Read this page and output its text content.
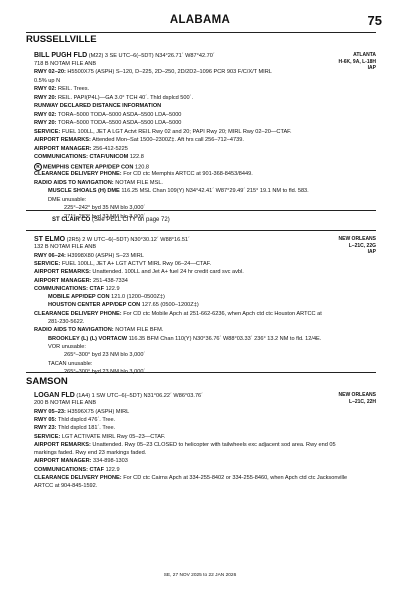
ALABAMA	75
RUSSELLVILLE
ATLANTA
H-6K, 9A, L-18H
IAP
BILL PUGH FLD (M22) 3 SE UTC–6(–5DT) N34°26.71´ W87°42.70´
718 B NOTAM FILE ANB
RWY 02–20: H5500X75 (ASPH) S–120, D–225, 2D–250, 2D/2D2–1096 PCR 903 F/C/X/T MIRL
0.5% up N
RWY 02: REIL. Trees.
RWY 20: REIL. PAPI(P4L)—GA 3.0° TCH 40´. Thld dsplcd 500´.
RUNWAY DECLARED DISTANCE INFORMATION
RWY 02: TORA–5000 TODA–5000 ASDA–5500 LDA–5000
RWY 20: TORA–5000 TODA–5500 ASDA–5500 LDA–5000
SERVICE: FUEL 100LL, JET A LGT Actvt REIL Rwy 02 and 20; PAPI Rwy 20; MIRL Rwy 02–20—CTAF.
AIRPORT REMARKS: Attended Mon–Sat 1500–2300Z‡. Aft hrs call 256–712–4739.
AIRPORT MANAGER: 256-412-5225
COMMUNICATIONS: CTAF/UNICOM 122.8
R MEMPHIS CENTER APP/DEP CON 120.8
CLEARANCE DELIVERY PHONE: For CD ctc Memphis ARTCC at 901-368-8453/8449.
RADIO AIDS TO NAVIGATION: NOTAM FILE MSL.
MUSCLE SHOALS (H) DME 116.25 MSL Chan 109(Y) N34°42.41´ W87°29.49´ 215° 19.1 NM to fld. 583.
DME unusable:
225°–242° byd 35 NM blo 3,000´
271°–283° byd 32 NM blo 3,000´
ST CLAIR CO (See PELL CITY on page 72)
NEW ORLEANS
L–21C, 22G
IAP
ST ELMO (2R5) 2 W UTC–6(–5DT) N30°30.12´ W88°16.51´
132 B NOTAM FILE ANB
RWY 06–24: H3998X80 (ASPH) S–23 MIRL
SERVICE: FUEL 100LL, JET A+ LGT ACTVT MIRL Rwy 06–24—CTAF.
AIRPORT REMARKS: Unattended. 100LL and Jet A+ fuel 24 hr credit card svc avbl.
AIRPORT MANAGER: 251-438-7334
COMMUNICATIONS: CTAF 122.9
MOBILE APP/DEP CON 121.0 (1200–0500Z‡)
HOUSTON CENTER APP/DEP CON 127.65 (0500–1200Z‡)
CLEARANCE DELIVERY PHONE: For CD ctc Mobile Apch at 251-662-6236, when Apch ctd ctc Houston ARTCC at
281-230-5622.
RADIO AIDS TO NAVIGATION: NOTAM FILE BFM.
BROOKLEY (L) (L) VORTACW 116.35 BFM Chan 110(Y) N30°36.76´ W88°03.33´ 236° 13.2 NM to fld. 12/4E.
VOR unusable:
265°–300° byd 23 NM blo 3,000´
TACAN unusable:
265°–300° byd 23 NM blo 3,000´
SAMSON
NEW ORLEANS
L–21C, 22H
LOGAN FLD (1A4) 1 SW UTC–6(–5DT) N31°06.22´ W86°03.76´
200 B NOTAM FILE ANB
RWY 05–23: H3596X75 (ASPH) MIRL
RWY 05: Thld dsplcd 476´. Tree.
RWY 23: Thld dsplcd 181´. Tree.
SERVICE: LGT ACTIVATE MIRL Rwy 05–23—CTAF.
AIRPORT REMARKS: Unattended. Rwy 05–23 CLOSED to helicopter with tailwheels exc adjacent sod area. Rwy end 05
markings faded. Rwy end 23 markings faded.
AIRPORT MANAGER: 334-898-1303
COMMUNICATIONS: CTAF 122.9
CLEARANCE DELIVERY PHONE: For CD ctc Cairns Apch at 334-255-8402 or 334-255-8460, when Apch ctd ctc Jacksonville
ARTCC at 904-845-1592.
SE, 27 NOV 2025 to 22 JAN 2026
